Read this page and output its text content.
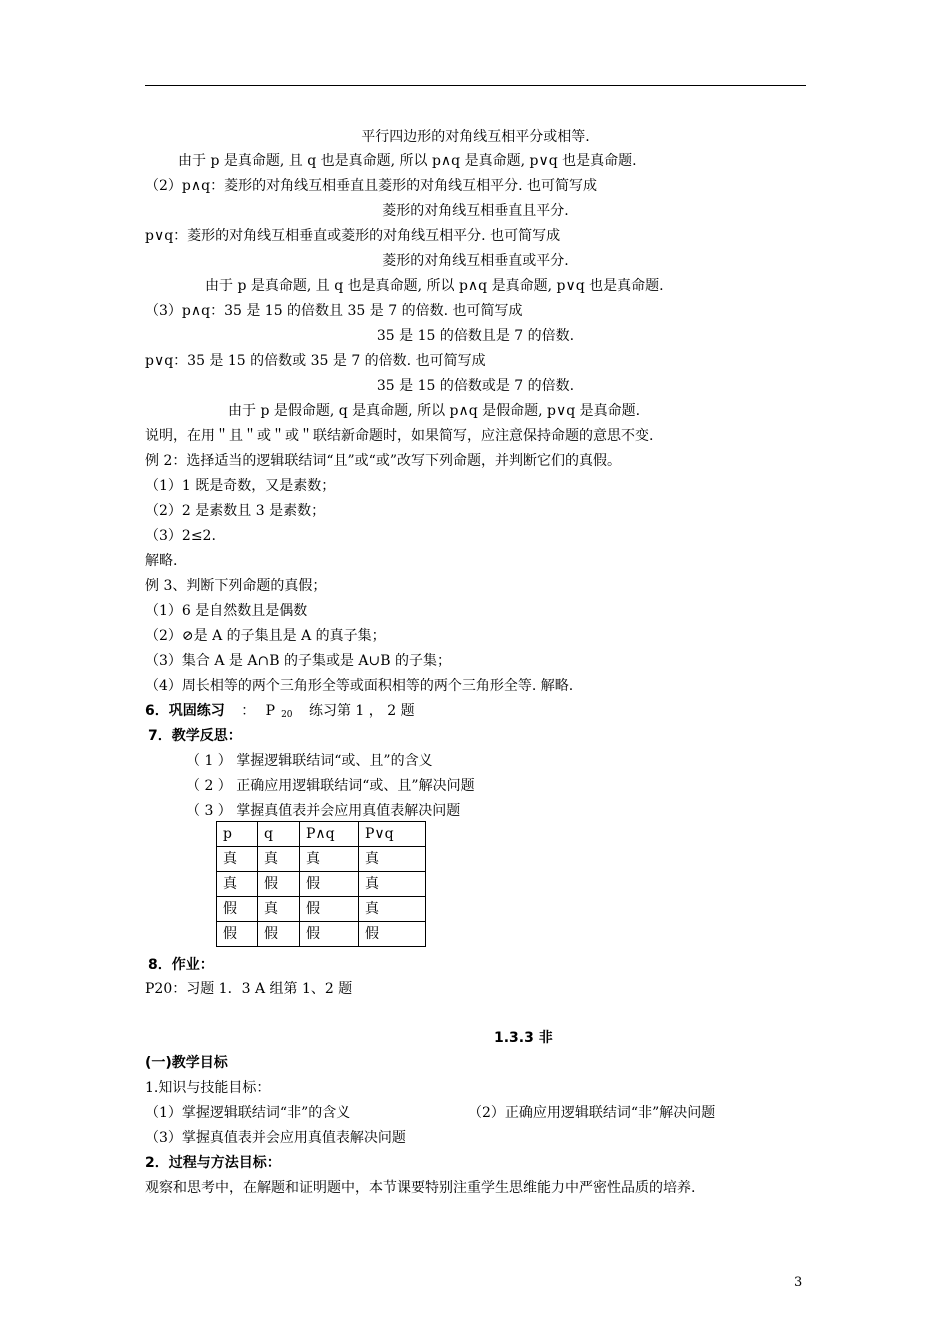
平行四边形的对角线互相平分或相等.
由于 p 是真命题, 且 q 也是真命题, 所以 p∧q 是真命题, p∨q 也是真命题.
（2）p∧q：菱形的对角线互相垂直且菱形的对角线互相平分. 也可简写成
菱形的对角线互相垂直且平分.
p∨q：菱形的对角线互相垂直或菱形的对角线互相平分. 也可简写成
菱形的对角线互相垂直或平分.
由于 p 是真命题, 且 q 也是真命题, 所以 p∧q 是真命题, p∨q 也是真命题.
（3）p∧q：35 是 15 的倍数且 35 是 7 的倍数. 也可简写成
35 是 15 的倍数且是 7 的倍数.
p∨q：35 是 15 的倍数或 35 是 7 的倍数. 也可简写成
35 是 15 的倍数或是 7 的倍数.
由于 p 是假命题, q 是真命题, 所以 p∧q 是假命题, p∨q 是真命题.
说明，在用＂且＂或＂或＂联结新命题时，如果简写，应注意保持命题的意思不变.
例 2：选择适当的逻辑联结词“且”或“或”改写下列命题，并判断它们的真假。
（1）1 既是奇数，又是素数；
（2）2 是素数且 3 是素数；
（3）2≤2.
解略.
例 3、判断下列命题的真假；
（1）6 是自然数且是偶数
（2）⊘是 A 的子集且是 A 的真子集；
（3）集合 A 是 A∩B 的子集或是 A∪B 的子集；
（4）周长相等的两个三角形全等或面积相等的两个三角形全等. 解略.
6．巩固练习 ： P $_{20}$ 练习第 1 ， 2 题
7．教学反思：
（ 1 ） 掌握逻辑联结词“或、且”的含义
（ 2 ） 正确应用逻辑联结词“或、且”解决问题
（ 3 ） 掌握真值表并会应用真值表解决问题
p	q	P∧q	P∨q
真	真	真	真
真	假	假	真
假	真	假	真
假	假	假	假
8．作业：
P20：习题 1．3 A 组第 1、2 题
1.3.3 非
(一)教学目标
1.知识与技能目标：
（1）掌握逻辑联结词“非”的含义	（2）正确应用逻辑联结词“非”解决问题
（3）掌握真值表并会应用真值表解决问题
2．过程与方法目标：
观察和思考中，在解题和证明题中，本节课要特别注重学生思维能力中严密性品质的培养.
3
